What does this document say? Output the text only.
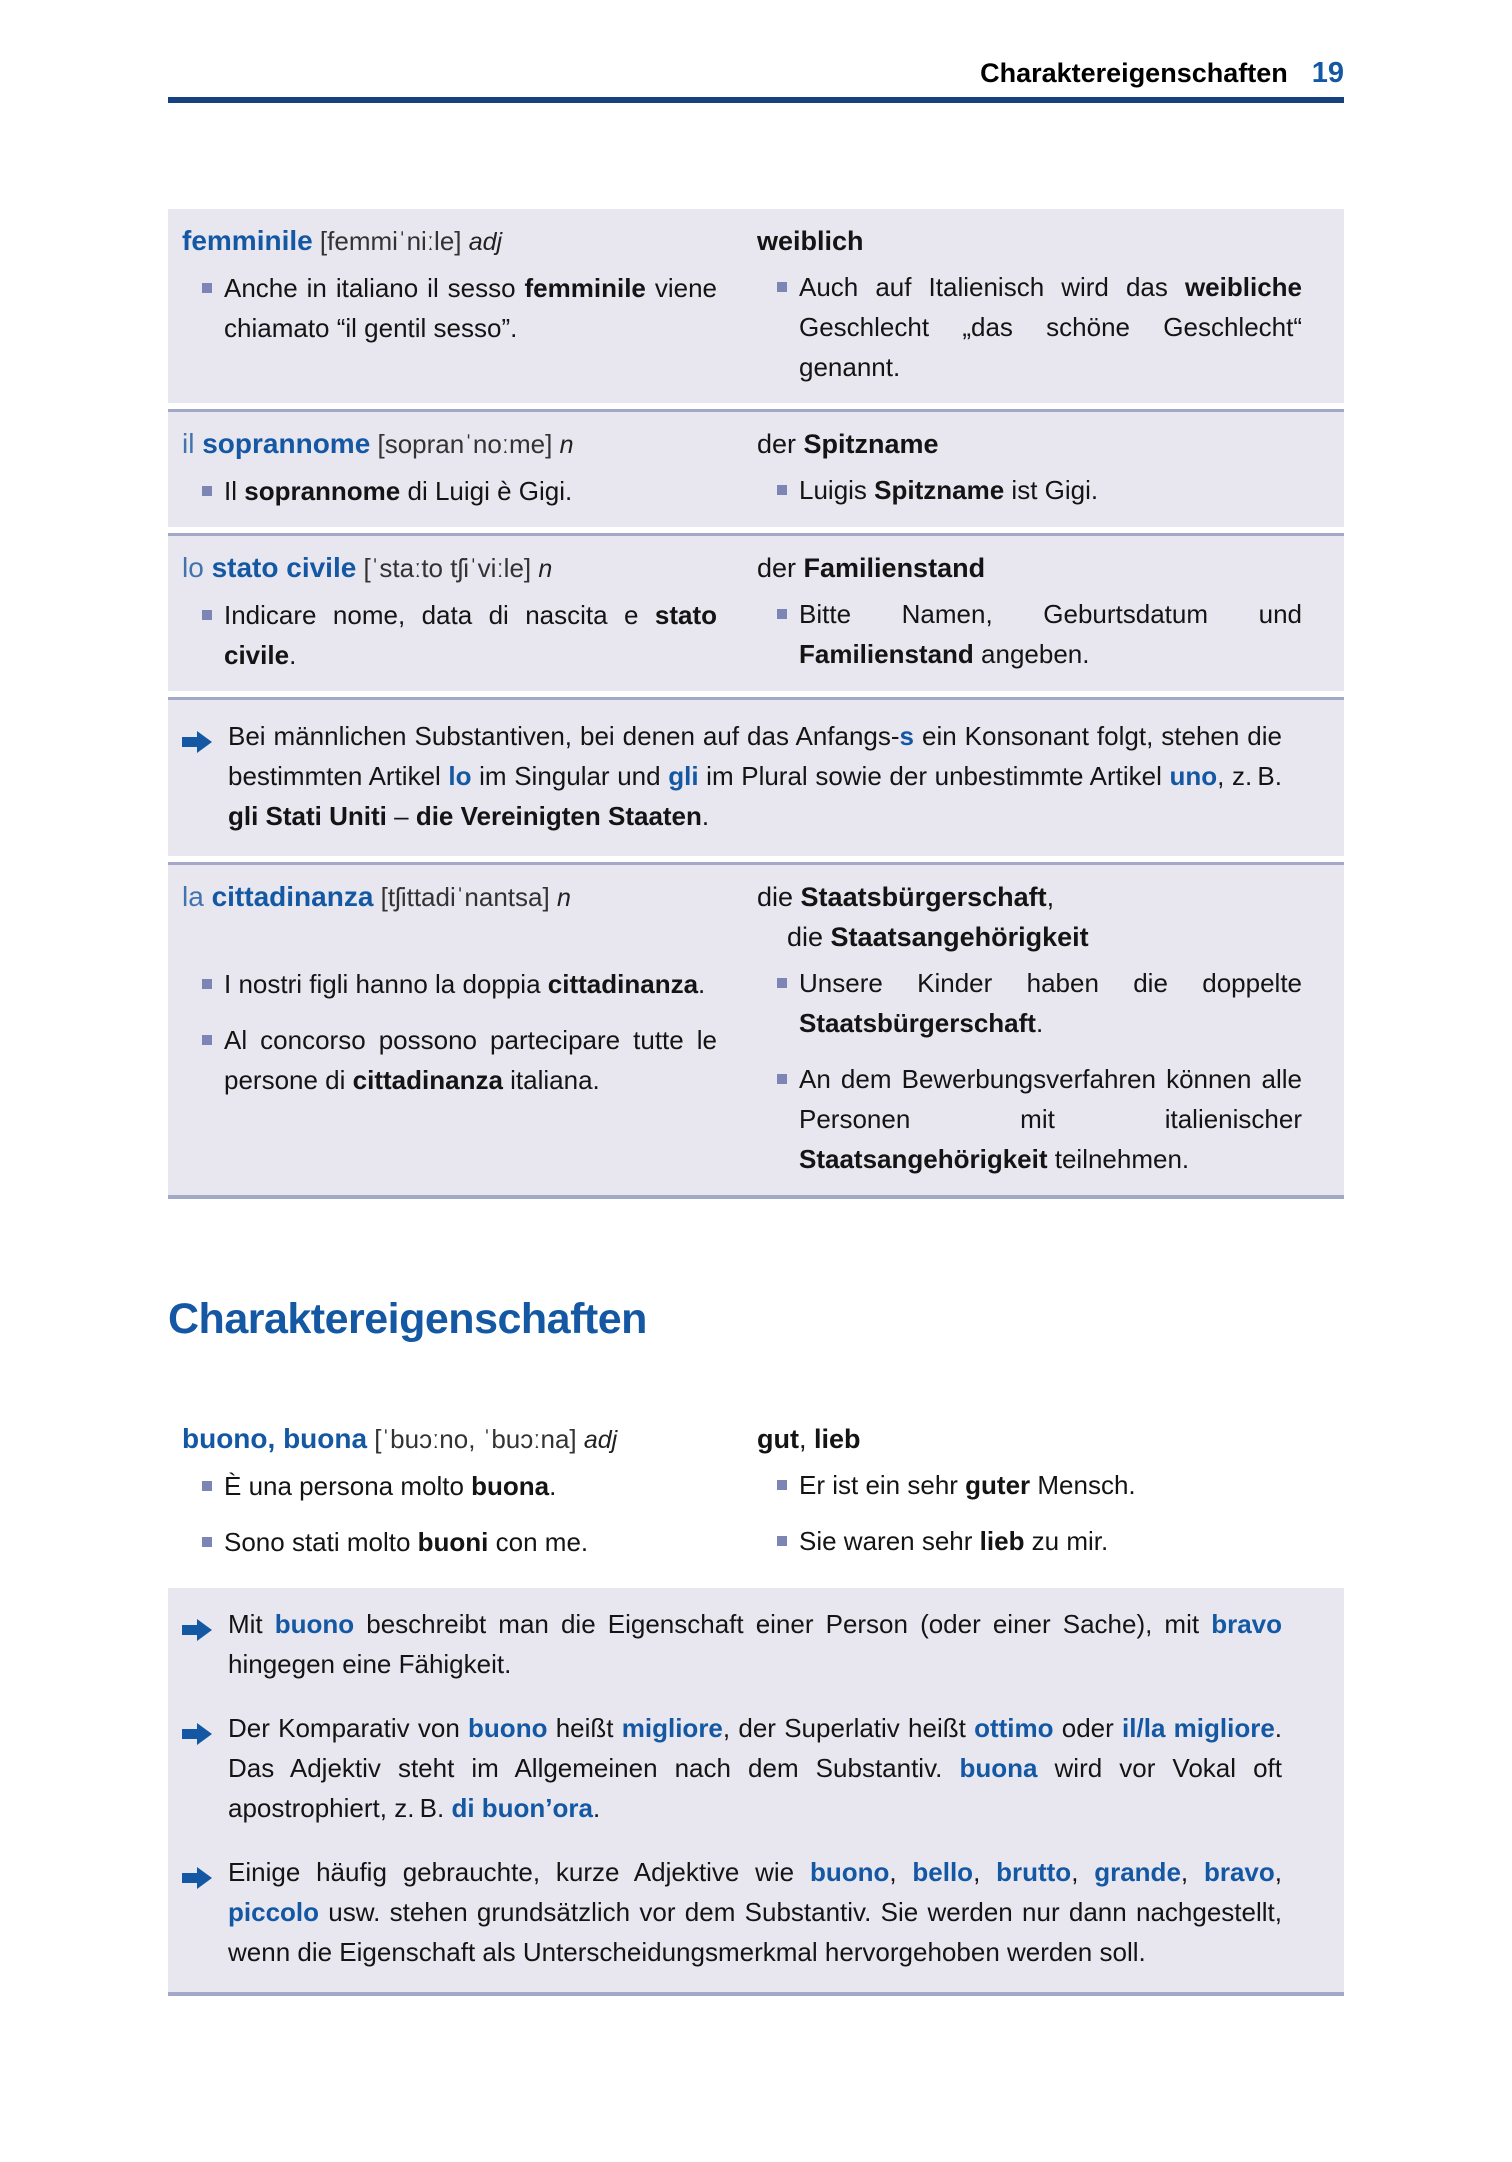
Charaktereigenschaften 19
femminile [femmiˈniːle] adj
Anche in italiano il sesso femminile viene chiamato “il gentil sesso”.
weiblich
Auch auf Italienisch wird das weibliche Geschlecht „das schöne Geschlecht“ genannt.
il soprannome [sopranˈnoːme] n
Il soprannome di Luigi è Gigi.
der Spitzname
Luigis Spitzname ist Gigi.
lo stato civile [ˈstaːto tʃiˈviːle] n
Indicare nome, data di nascita e stato civile.
der Familienstand
Bitte Namen, Geburtsdatum und Familienstand angeben.
Bei männlichen Substantiven, bei denen auf das Anfangs-s ein Konsonant folgt, stehen die bestimmten Artikel lo im Singular und gli im Plural sowie der unbestimmte Artikel uno, z. B. gli Stati Uniti – die Vereinigten Staaten.
la cittadinanza [tʃittadiˈnantsa] n
I nostri figli hanno la doppia cittadinanza.
Al concorso possono partecipare tutte le persone di cittadinanza italiana.
die Staatsbürgerschaft,
die Staatsangehörigkeit
Unsere Kinder haben die doppelte Staatsbürgerschaft.
An dem Bewerbungsverfahren können alle Personen mit italienischer Staatsangehörigkeit teilnehmen.
Charaktereigenschaften
buono, buona [ˈbuɔːno, ˈbuɔːna] adj
È una persona molto buona.
Sono stati molto buoni con me.
gut, lieb
Er ist ein sehr guter Mensch.
Sie waren sehr lieb zu mir.
Mit buono beschreibt man die Eigenschaft einer Person (oder einer Sache), mit bravo hingegen eine Fähigkeit.
Der Komparativ von buono heißt migliore, der Superlativ heißt ottimo oder il/la migliore. Das Adjektiv steht im Allgemeinen nach dem Substantiv. buona wird vor Vokal oft apostrophiert, z. B. di buon’ora.
Einige häufig gebrauchte, kurze Adjektive wie buono, bello, brutto, grande, bravo, piccolo usw. stehen grundsätzlich vor dem Substantiv. Sie werden nur dann nachgestellt, wenn die Eigenschaft als Unterscheidungsmerkmal hervorgehoben werden soll.
